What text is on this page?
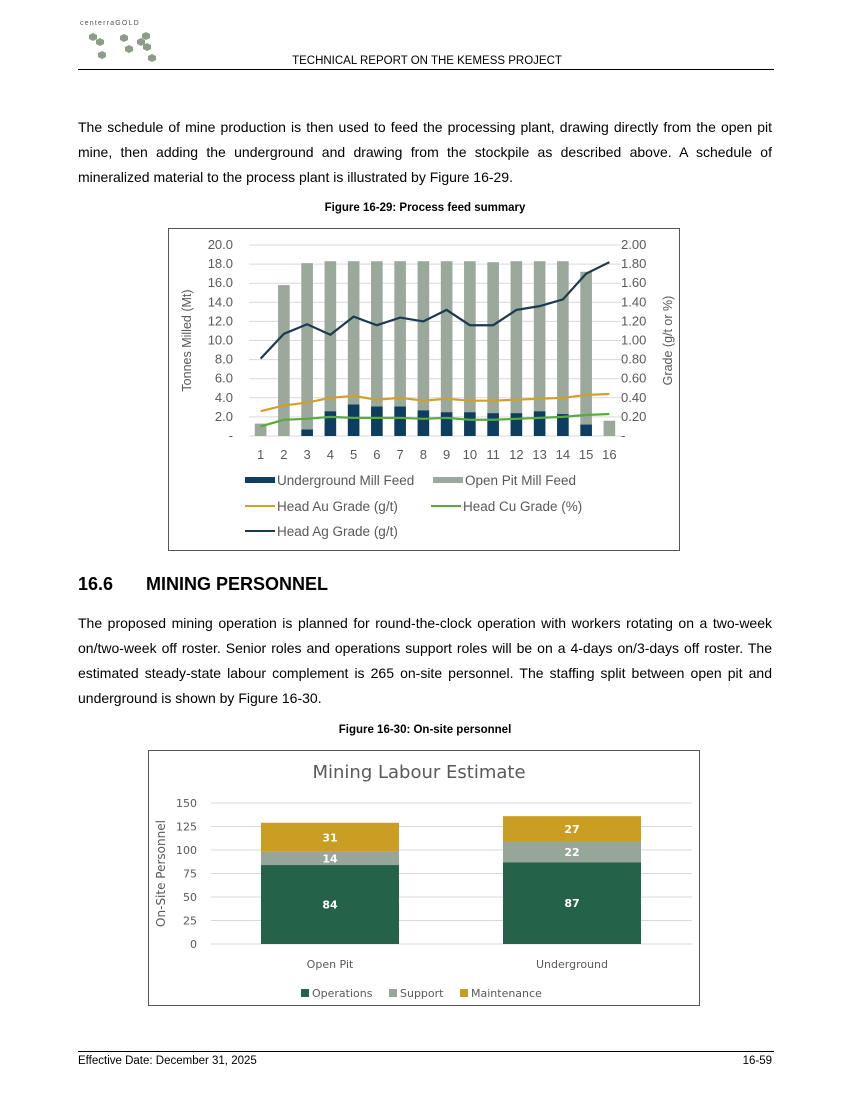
centerraGOLD
TECHNICAL REPORT ON THE KEMESS PROJECT
The schedule of mine production is then used to feed the processing plant, drawing directly from the open pit mine, then adding the underground and drawing from the stockpile as described above. A schedule of mineralized material to the process plant is illustrated by Figure 16-29.
Figure 16-29: Process feed summary
-
2.0
4.0
6.0
8.0
10.0
12.0
14.0
16.0
18.0
20.0
-
0.20
0.40
0.60
0.80
1.00
1.20
1.40
1.60
1.80
2.00
Tonnes Milled (Mt)	Grade (g/t or %)
1 2 3 4 5 6 7 8 9 10 11 12 13 14 15 16
Underground Mill Feed	Open Pit Mill Feed
Head Au Grade (g/t)	Head Cu Grade (%)
Head Ag Grade (g/t)
16.6 MINING PERSONNEL
The proposed mining operation is planned for round-the-clock operation with workers rotating on a two-week on/two-week off roster. Senior roles and operations support roles will be on a 4-days on/3-days off roster. The estimated steady-state labour complement is 265 on-site personnel. The staffing split between open pit and underground is shown by Figure 16-30.
Figure 16-30: On-site personnel
Mining Labour Estimate
0
25
50
75
100
125
150
On-Site Personnel	84
14
31
Open Pit
87
22
27
Underground
Operations	Support	Maintenance
Effective Date: December 31, 2025	16-59
